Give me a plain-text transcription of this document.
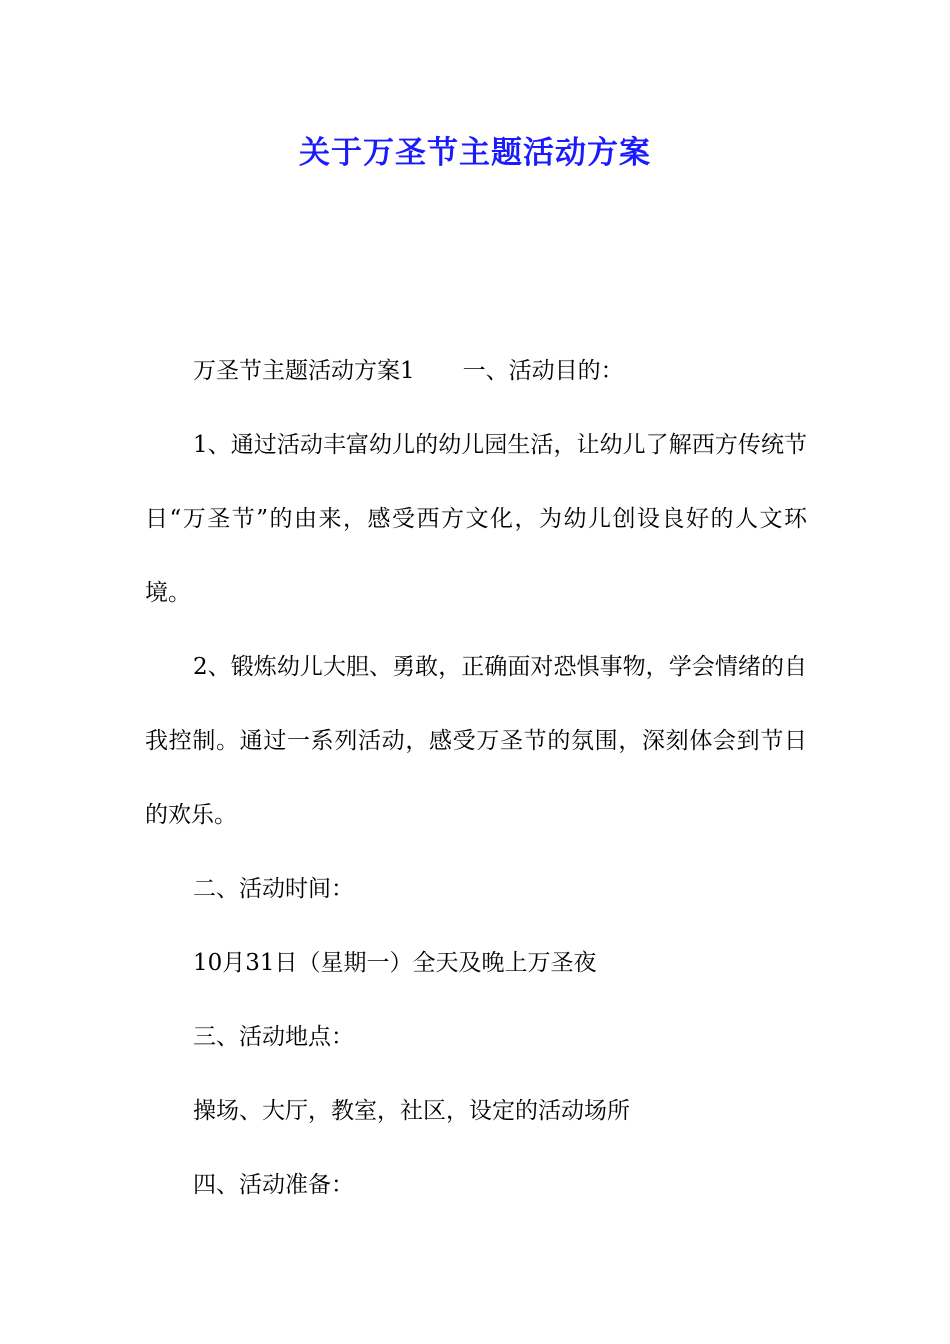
关于万圣节主题活动方案

万圣节主题活动方案1 一、活动目的：

1、通过活动丰富幼儿的幼儿园生活，让幼儿了解西方传统节日“万圣节”的由来，感受西方文化，为幼儿创设良好的人文环境。

2、锻炼幼儿大胆、勇敢，正确面对恐惧事物，学会情绪的自我控制。通过一系列活动，感受万圣节的氛围，深刻体会到节日的欢乐。

二、活动时间：

10月31日（星期一）全天及晚上万圣夜

三、活动地点：

操场、大厅，教室，社区，设定的活动场所

四、活动准备：
